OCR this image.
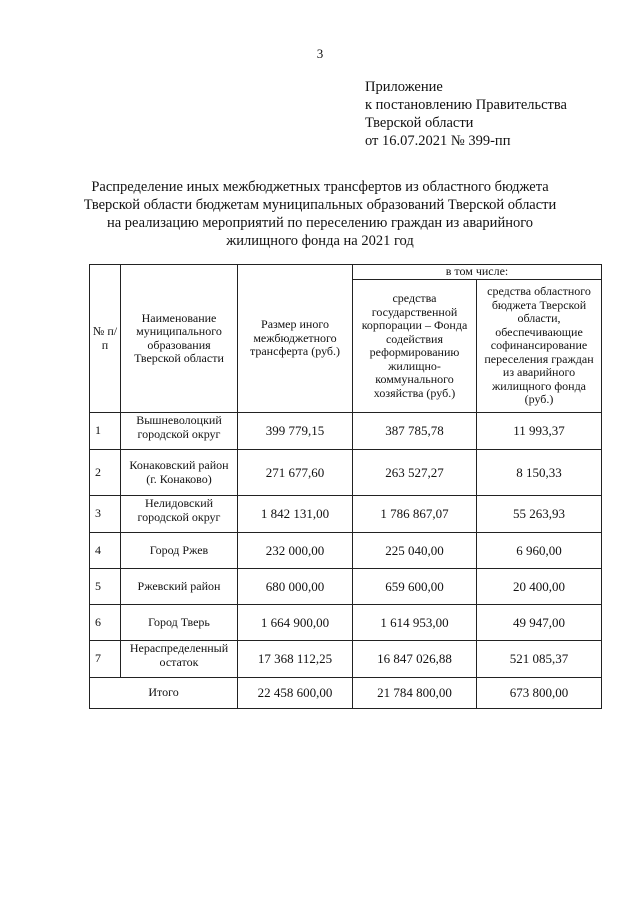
3
Приложение
к постановлению Правительства
Тверской области
от 16.07.2021 № 399-пп
Распределение иных межбюджетных трансфертов из областного бюджета
Тверской области бюджетам муниципальных образований Тверской области
на реализацию мероприятий по переселению граждан из аварийного
жилищного фонда на 2021 год
№ п/п	Наименование муниципального образования Тверской области	Размер иного межбюджетного трансферта (руб.)	в том числе:	
			средства государственной корпорации – Фонда содействия реформированию жилищно-коммунального хозяйства (руб.)	средства областного бюджета Тверской области, обеспечивающие софинансирование переселения граждан из аварийного жилищного фонда (руб.)
1	Вышневолоцкий городской округ	399 779,15	387 785,78	11 993,37
2	Конаковский район (г. Конаково)	271 677,60	263 527,27	8 150,33
3	Нелидовский городской округ	1 842 131,00	1 786 867,07	55 263,93
4	Город Ржев	232 000,00	225 040,00	6 960,00
5	Ржевский район	680 000,00	659 600,00	20 400,00
6	Город Тверь	1 664 900,00	1 614 953,00	49 947,00
7	Нераспределенный остаток	17 368 112,25	16 847 026,88	521 085,37
Итого		22 458 600,00	21 784 800,00	673 800,00
